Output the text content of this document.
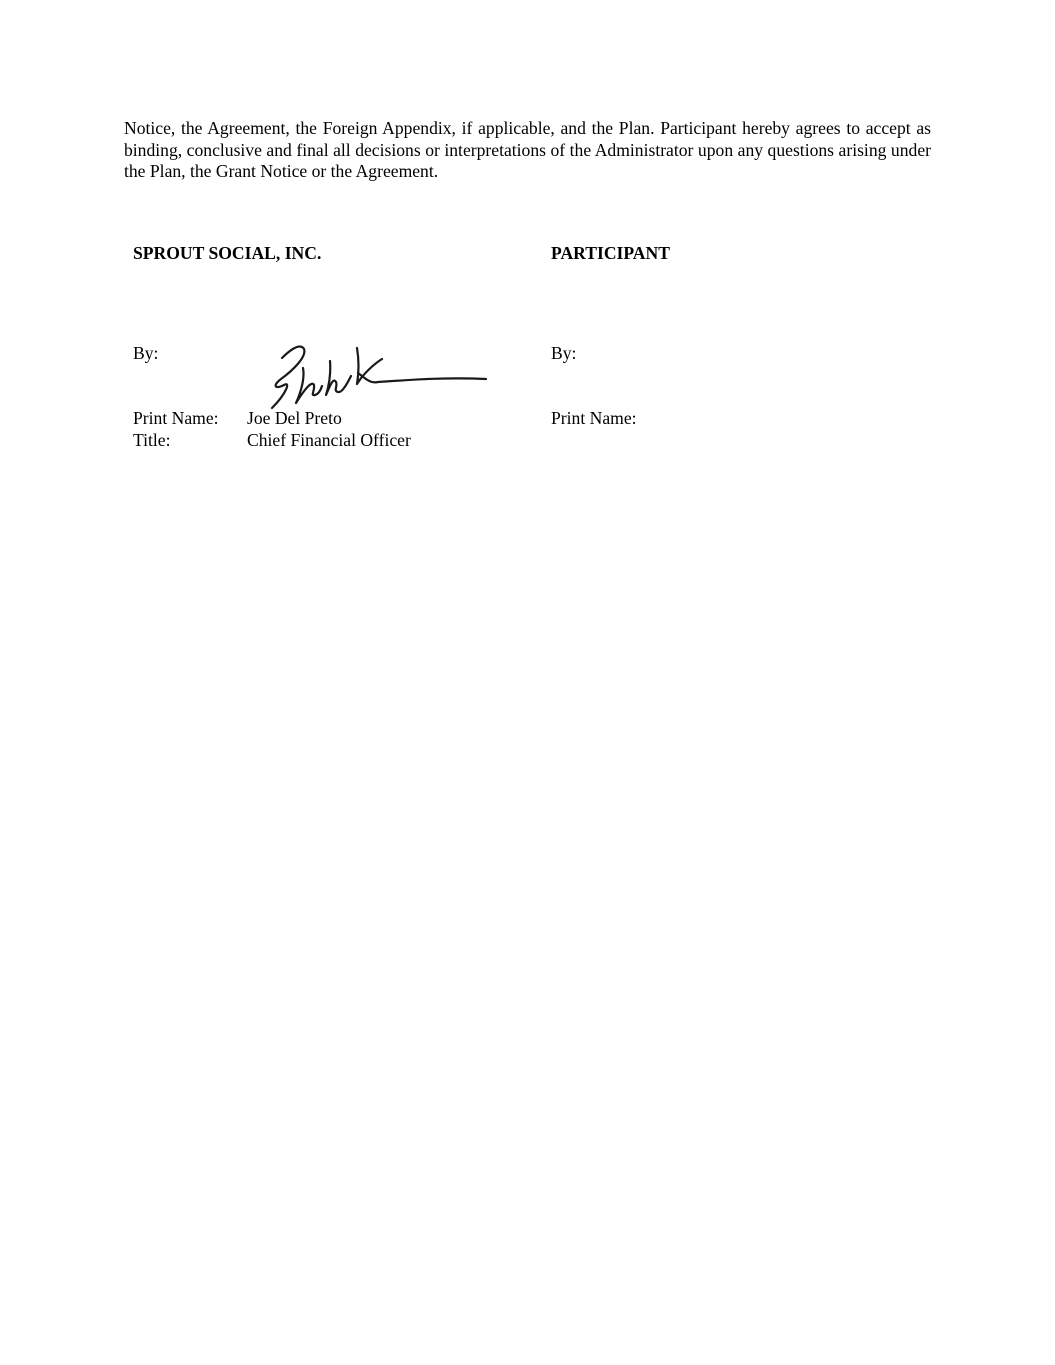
Notice, the Agreement, the Foreign Appendix, if applicable, and the Plan. Participant hereby agrees to accept as binding, conclusive and final all decisions or interpretations of the Administrator upon any questions arising under the Plan, the Grant Notice or the Agreement.

SPROUT SOCIAL, INC.	PARTICIPANT
By:	By:
Print Name: Joe Del Preto	Print Name:
Title:	Chief Financial Officer
